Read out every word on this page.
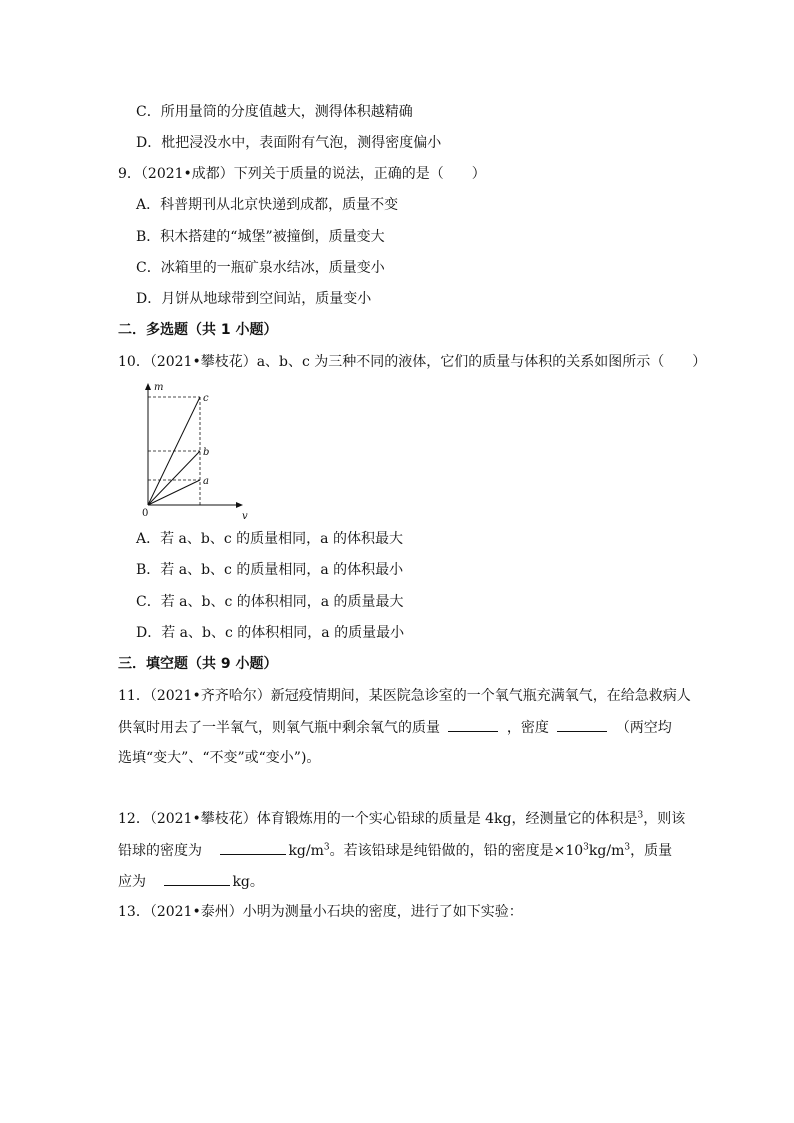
C．所用量筒的分度值越大，测得体积越精确
D．枇把浸没水中，表面附有气泡，测得密度偏小
9．（2021•成都）下列关于质量的说法，正确的是（　　）
A．科普期刊从北京快递到成都，质量不变
B．积木搭建的“城堡”被撞倒，质量变大
C．冰箱里的一瓶矿泉水结冰，质量变小
D．月饼从地球带到空间站，质量变小
二．多选题（共 1 小题）
10．（2021•攀枝花）a、b、c 为三种不同的液体，它们的质量与体积的关系如图所示（　　）
m
v
0
c
b
a
A．若 a、b、c 的质量相同，a 的体积最大
B．若 a、b、c 的质量相同，a 的体积最小
C．若 a、b、c 的体积相同，a 的质量最大
D．若 a、b、c 的体积相同，a 的质量最小
三．填空题（共 9 小题）
11．（2021•齐齐哈尔）新冠疫情期间，某医院急诊室的一个氧气瓶充满氧气，在给急救病人
供氧时用去了一半氧气，则氧气瓶中剩余氧气的质量	，密度	（两空均
选填“变大”、“不变”或“变小”)。
12．（2021•攀枝花）体育锻炼用的一个实心铅球的质量是 4kg，经测量它的体积是$^3$，则该
铅球的密度为	$kg/m^3$。若该铅球是纯铅做的，铅的密度是$\times 10^3kg/m^3$，质量
应为	kg。
13．（2021•泰州）小明为测量小石块的密度，进行了如下实验：
